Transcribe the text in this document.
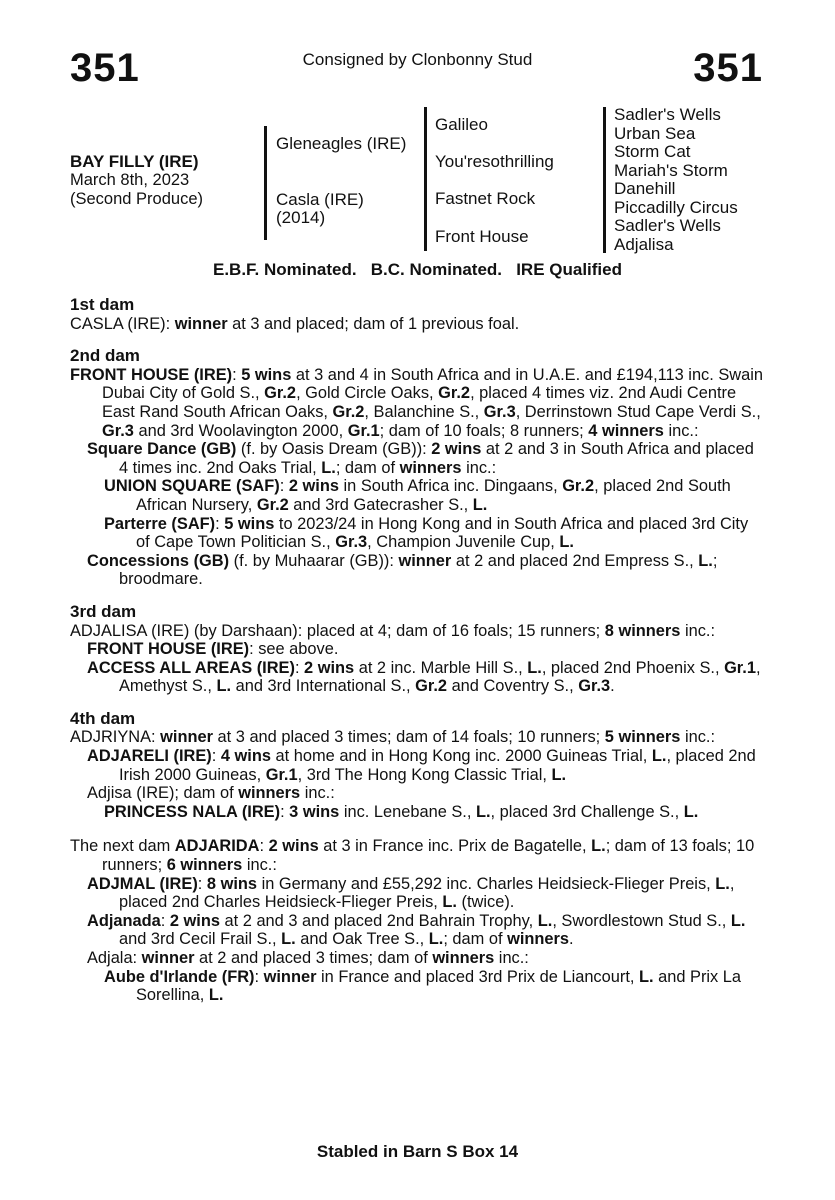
351	Consigned by Clonbonny Stud	351
BAY FILLY (IRE)
March 8th, 2023
(Second Produce)
Gleneagles (IRE)
Casla (IRE)
(2014)
Galileo
You'resothrilling
Fastnet Rock
Front House
Sadler's Wells
Urban Sea
Storm Cat
Mariah's Storm
Danehill
Piccadilly Circus
Sadler's Wells
Adjalisa
E.B.F. Nominated.   B.C. Nominated.   IRE Qualified
1st dam
CASLA (IRE): winner at 3 and placed; dam of 1 previous foal.
2nd dam
FRONT HOUSE (IRE): 5 wins at 3 and 4 in South Africa and in U.A.E. and £194,113 inc. Swain Dubai City of Gold S., Gr.2, Gold Circle Oaks, Gr.2, placed 4 times viz. 2nd Audi Centre East Rand South African Oaks, Gr.2, Balanchine S., Gr.3, Derrinstown Stud Cape Verdi S., Gr.3 and 3rd Woolavington 2000, Gr.1; dam of 10 foals; 8 runners; 4 winners inc.:
Square Dance (GB) (f. by Oasis Dream (GB)): 2 wins at 2 and 3 in South Africa and placed 4 times inc. 2nd Oaks Trial, L.; dam of winners inc.:
UNION SQUARE (SAF): 2 wins in South Africa inc. Dingaans, Gr.2, placed 2nd South African Nursery, Gr.2 and 3rd Gatecrasher S., L.
Parterre (SAF): 5 wins to 2023/24 in Hong Kong and in South Africa and placed 3rd City of Cape Town Politician S., Gr.3, Champion Juvenile Cup, L.
Concessions (GB) (f. by Muhaarar (GB)): winner at 2 and placed 2nd Empress S., L.; broodmare.
3rd dam
ADJALISA (IRE) (by Darshaan): placed at 4; dam of 16 foals; 15 runners; 8 winners inc.:
FRONT HOUSE (IRE): see above.
ACCESS ALL AREAS (IRE): 2 wins at 2 inc. Marble Hill S., L., placed 2nd Phoenix S., Gr.1, Amethyst S., L. and 3rd International S., Gr.2 and Coventry S., Gr.3.
4th dam
ADJRIYNA: winner at 3 and placed 3 times; dam of 14 foals; 10 runners; 5 winners inc.:
ADJARELI (IRE): 4 wins at home and in Hong Kong inc. 2000 Guineas Trial, L., placed 2nd Irish 2000 Guineas, Gr.1, 3rd The Hong Kong Classic Trial, L.
Adjisa (IRE); dam of winners inc.:
PRINCESS NALA (IRE): 3 wins inc. Lenebane S., L., placed 3rd Challenge S., L.
The next dam ADJARIDA: 2 wins at 3 in France inc. Prix de Bagatelle, L.; dam of 13 foals; 10 runners; 6 winners inc.:
ADJMAL (IRE): 8 wins in Germany and £55,292 inc. Charles Heidsieck-Flieger Preis, L., placed 2nd Charles Heidsieck-Flieger Preis, L. (twice).
Adjanada: 2 wins at 2 and 3 and placed 2nd Bahrain Trophy, L., Swordlestown Stud S., L. and 3rd Cecil Frail S., L. and Oak Tree S., L.; dam of winners.
Adjala: winner at 2 and placed 3 times; dam of winners inc.:
Aube d'Irlande (FR): winner in France and placed 3rd Prix de Liancourt, L. and Prix La Sorellina, L.
Stabled in Barn S Box 14
